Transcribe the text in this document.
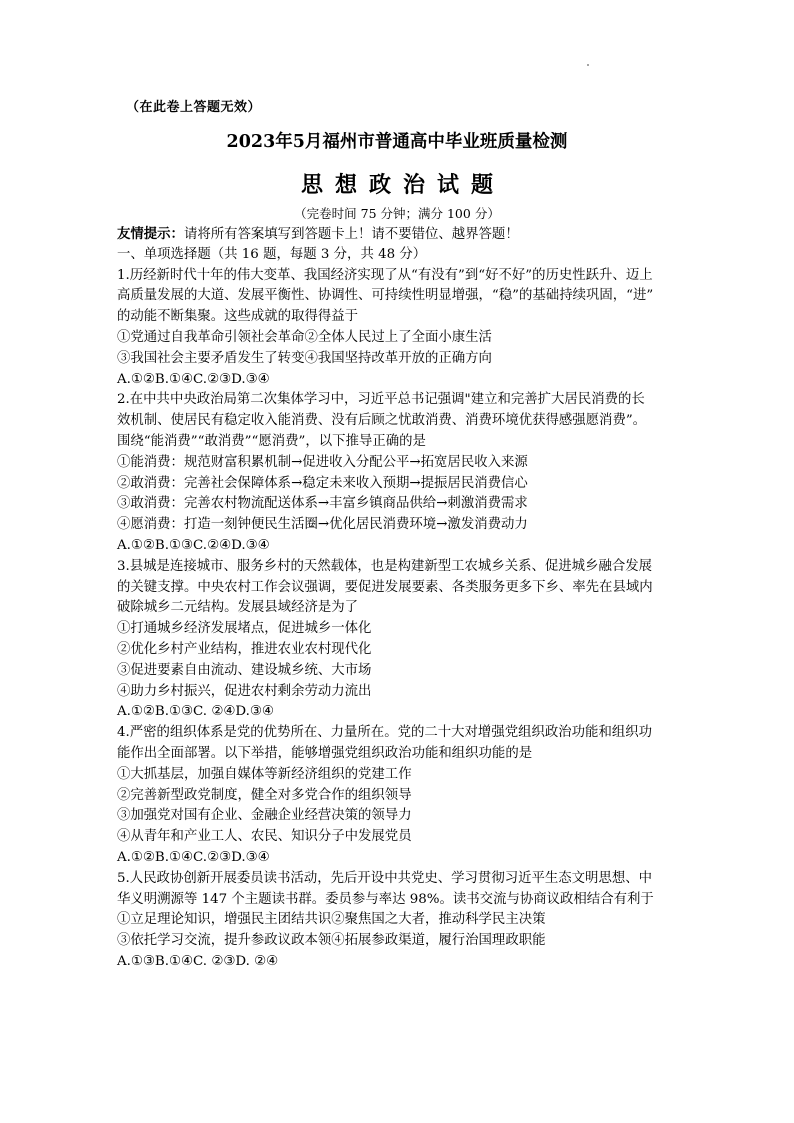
（在此卷上答题无效）
2023年5月福州市普通高中毕业班质量检测
思想政治试题
（完卷时间 75 分钟；满分 100 分）
友情提示：请将所有答案填写到答题卡上！请不要错位、越界答题！
一、单项选择题（共 16 题，每题 3 分，共 48 分）
1.历经新时代十年的伟大变革、我国经济实现了从“有没有”到“好不好”的历史性跃升、迈上
高质量发展的大道、发展平衡性、协调性、可持续性明显增强，“稳”的基础持续巩固，“进”
的动能不断集聚。这些成就的取得得益于
①党通过自我革命引领社会革命②全体人民过上了全面小康生活
③我国社会主要矛盾发生了转变④我国坚持改革开放的正确方向
A.①②B.①④C.②③D.③④
2.在中共中央政治局第二次集体学习中，习近平总书记强调"建立和完善扩大居民消费的长
效机制、使居民有稳定收入能消费、没有后顾之忧敢消费、消费环境优获得感强愿消费”。
围绕“能消费”“敢消费”“愿消费”，以下推导正确的是
①能消费：规范财富积累机制→促进收入分配公平→拓宽居民收入来源
②敢消费：完善社会保障体系→稳定未来收入预期→提振居民消费信心
③敢消费：完善农村物流配送体系→丰富乡镇商品供给→刺激消费需求
④愿消费：打造一刻钟便民生活圈→优化居民消费环境→激发消费动力
A.①②B.①③C.②④D.③④
3.县城是连接城市、服务乡村的天然载体，也是构建新型工农城乡关系、促进城乡融合发展
的关键支撑。中央农村工作会议强调，要促进发展要素、各类服务更多下乡、率先在县域内
破除城乡二元结构。发展县域经济是为了
①打通城乡经济发展堵点，促进城乡一体化
②优化乡村产业结构，推进农业农村现代化
③促进要素自由流动、建设城乡统、大市场
④助力乡村振兴，促进农村剩余劳动力流出
A.①②B.①③C. ②④D.③④
4.严密的组织体系是党的优势所在、力量所在。党的二十大对增强党组织政治功能和组织功
能作出全面部署。以下举措，能够增强党组织政治功能和组织功能的是
①大抓基层，加强自媒体等新经济组织的党建工作
②完善新型政党制度，健全对多党合作的组织领导
③加强党对国有企业、金融企业经营决策的领导力
④从青年和产业工人、农民、知识分子中发展党员
A.①②B.①④C.②③D.③④
5.人民政协创新开展委员读书活动，先后开设中共党史、学习贯彻习近平生态文明思想、中
华义明溯源等 147 个主题读书群。委员参与率达 98%。读书交流与协商议政相结合有利于
①立足理论知识，增强民主团结共识②聚焦国之大者，推动科学民主决策
③依托学习交流，提升参政议政本领④拓展参政渠道，履行治国理政职能
A.①③B.①④C. ②③D. ②④
